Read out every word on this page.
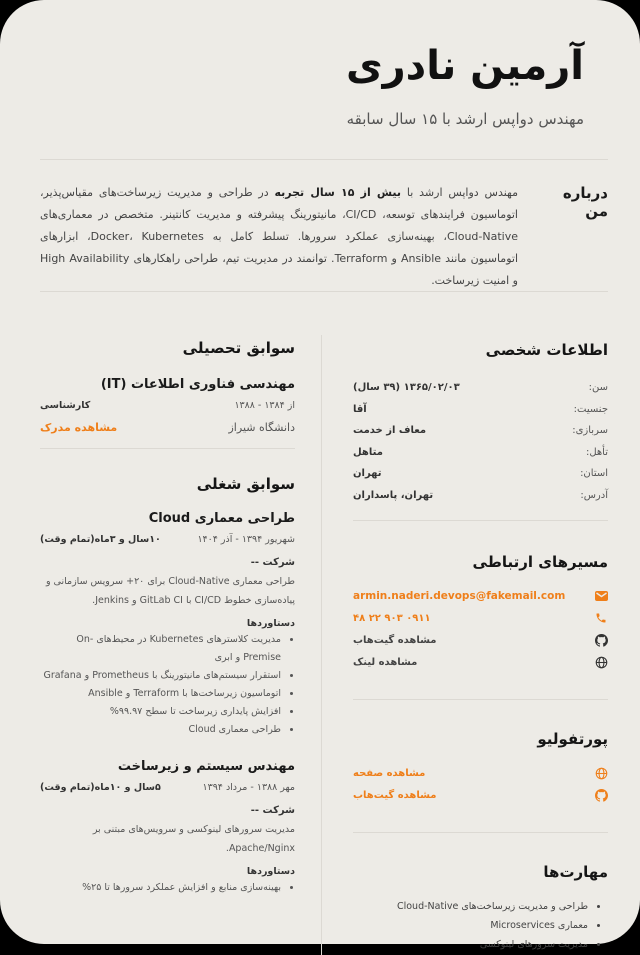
آرمین نادری
مهندس دواپس ارشد با ۱۵ سال سابقه
درباره من
مهندس دواپس ارشد با بیش از ۱۵ سال تجربه در طراحی و مدیریت زیرساخت‌های مقیاس‌پذیر، اتوماسیون فرایندهای توسعه، CI/CD، مانیتورینگ پیشرفته و مدیریت کانتینر. متخصص در معماری‌های Cloud-Native، بهینه‌سازی عملکرد سرورها. تسلط کامل به Docker، Kubernetes، ابزارهای اتوماسیون مانند Ansible و Terraform. توانمند در مدیریت تیم، طراحی راهکارهای High Availability و امنیت زیرساخت.
اطلاعات شخصی
سن:
۱۳۶۵/۰۲/۰۳ (۳۹ سال)
جنسیت:
آقا
سربازی:
معاف از خدمت
تأهل:
متاهل
استان:
تهران
آدرس:
تهران، پاسداران
مسیرهای ارتباطی
armin.naderi.devops@fakemail.com
۰۹۱۱ ۹۰۳ ۲۲ ۴۸
مشاهده گیت‌هاب
مشاهده لینک
پورتفولیو
مشاهده صفحه
مشاهده گیت‌هاب
مهارت‌ها
• طراحی و مدیریت زیرساخت‌های Cloud-Native
• معماری Microservices
• مدیریت سرورهای لینوکسی
سوابق تحصیلی
مهندسی فناوری اطلاعات (IT)
از ۱۳۸۴ - ۱۳۸۸
کارشناسی
دانشگاه شیراز
مشاهده مدرک
سوابق شغلی
طراحی معماری Cloud
شهریور ۱۳۹۴ - آذر ۱۴۰۴
۱۰سال و ۳ماه(تمام وقت)
شرکت --
طراحی معماری Cloud-Native برای ۲۰+ سرویس سازمانی و پیاده‌سازی خطوط CI/CD با GitLab CI و Jenkins.
دستاوردها
• مدیریت کلاسترهای Kubernetes در محیط‌های On-Premise و ابری
• استقرار سیستم‌های مانیتورینگ با Prometheus و Grafana
• اتوماسیون زیرساخت‌ها با Terraform و Ansible
• افزایش پایداری زیرساخت تا سطح ۹۹.۹۷%
• طراحی معماری Cloud
مهندس سیستم و زیرساخت
مهر ۱۳۸۸ - مرداد ۱۳۹۴
۵سال و ۱۰ماه(تمام وقت)
شرکت --
مدیریت سرورهای لینوکسی و سرویس‌های مبتنی بر Apache/Nginx.
دستاوردها
• بهینه‌سازی منابع و افزایش عملکرد سرورها تا ۲۵%
